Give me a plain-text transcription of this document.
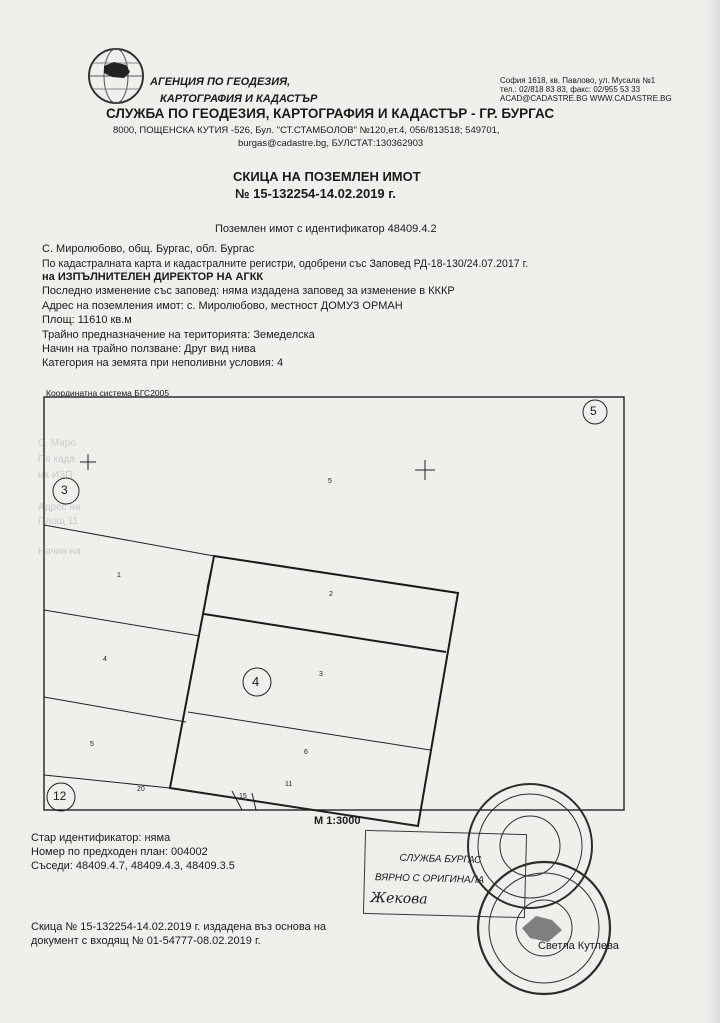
АГЕНЦИЯ ПО ГЕОДЕЗИЯ,
КАРТОГРАФИЯ И КАДАСТЪР
СЛУЖБА ПО ГЕОДЕЗИЯ, КАРТОГРАФИЯ И КАДАСТЪР - ГР. БУРГАС
8000, ПОЩЕНСКА КУТИЯ -526, Бул. "СТ.СТАМБОЛОВ" №120,ет.4, 056/813518; 549701,
burgas@cadastre.bg, БУЛСТАТ:130362903
София 1618, кв. Павлово, ул. Мусала №1
тел.: 02/818 83 83, факс: 02/955 53 33
ACAD@CADASTRE.BG WWW.CADASTRE.BG
СКИЦА НА ПОЗЕМЛЕН ИМОТ
№ 15-132254-14.02.2019 г.
Поземлен имот с идентификатор 48409.4.2
С. Миролюбово, общ. Бургас, обл. Бургас
По кадастралната карта и кадастралните регистри, одобрени със Заповед РД-18-130/24.07.2017 г.
на ИЗПЪЛНИТЕЛЕН ДИРЕКТОР НА АГКК
Последно изменение със заповед: няма издадена заповед за изменение в КККР
Адрес на поземления имот: с. Миролюбово, местност ДОМУЗ ОРМАН
Площ: 11610 кв.м
Трайно предназначение на територията: Земеделска
Начин на трайно ползване: Друг вид нива
Категория на земята при неполивни условия: 4
Координатна система БГС2005
С. Миро
По када
на ИЗП
Адрес на
Площ 11
Начин на
5
3
4
12
5
2
1
4
3
5
6
20
15
11
М 1:3000
Стар идентификатор: няма
Номер по предходен план: 004002
Съседи: 48409.4.7, 48409.4.3, 48409.3.5
Скица № 15-132254-14.02.2019 г. издадена въз основа на
документ с входящ № 01-54777-08.02.2019 г.
СЛУЖБА БУРГАС
ВЯРНО С ОРИГИНАЛА
Жекова
Светла Кутлева
